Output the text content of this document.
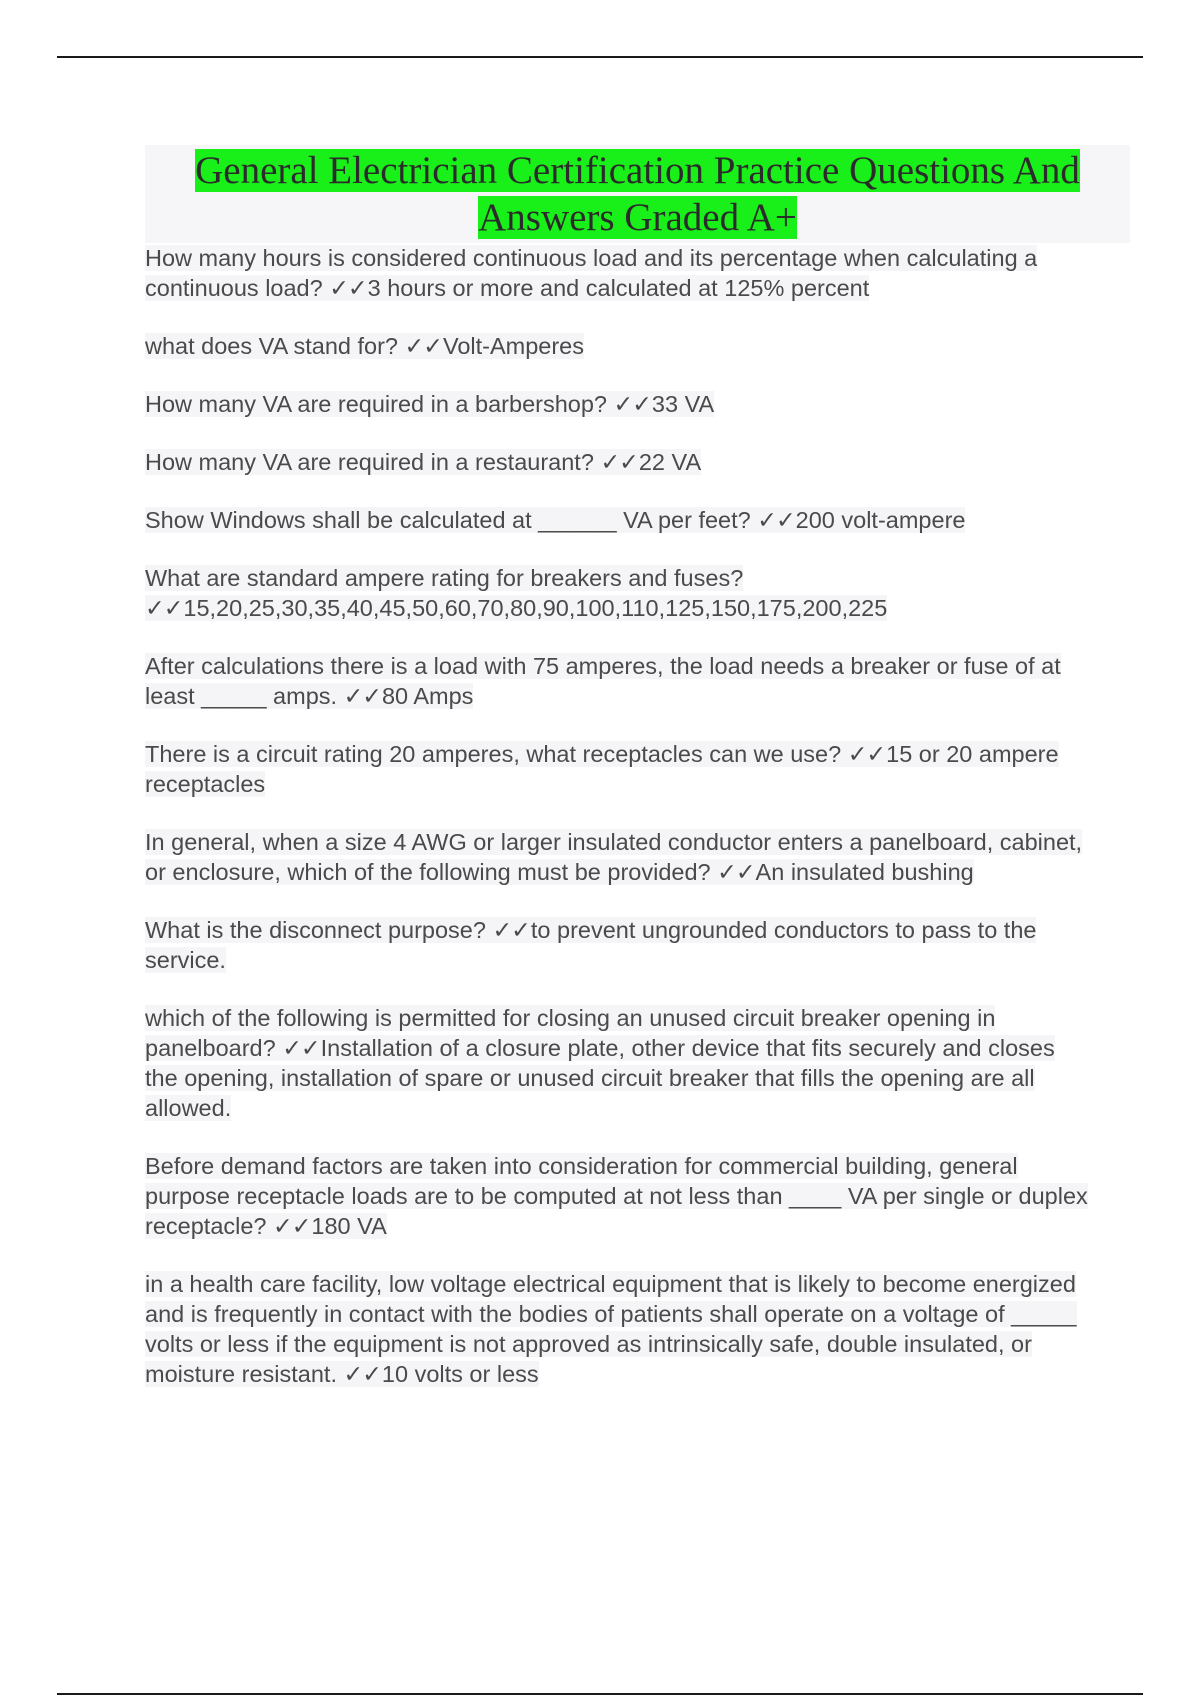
General Electrician Certification Practice Questions And Answers Graded A+
How many hours is considered continuous load and its percentage when calculating a continuous load? ✓✓3 hours or more and calculated at 125% percent
what does VA stand for? ✓✓Volt-Amperes
How many VA are required in a barbershop? ✓✓33 VA
How many VA are required in a restaurant? ✓✓22 VA
Show Windows shall be calculated at ______ VA per feet? ✓✓200 volt-ampere
What are standard ampere rating for breakers and fuses? ✓✓15,20,25,30,35,40,45,50,60,70,80,90,100,110,125,150,175,200,225
After calculations there is a load with 75 amperes, the load needs a breaker or fuse of at least _____ amps. ✓✓80 Amps
There is a circuit rating 20 amperes, what receptacles can we use? ✓✓15 or 20 ampere receptacles
In general, when a size 4 AWG or larger insulated conductor enters a panelboard, cabinet, or enclosure, which of the following must be provided? ✓✓An insulated bushing
What is the disconnect purpose? ✓✓to prevent ungrounded conductors to pass to the service.
which of the following is permitted for closing an unused circuit breaker opening in panelboard? ✓✓Installation of a closure plate, other device that fits securely and closes the opening, installation of spare or unused circuit breaker that fills the opening are all allowed.
Before demand factors are taken into consideration for commercial building, general purpose receptacle loads are to be computed at not less than ____ VA per single or duplex receptacle? ✓✓180 VA
in a health care facility, low voltage electrical equipment that is likely to become energized and is frequently in contact with the bodies of patients shall operate on a voltage of _____ volts or less if the equipment is not approved as intrinsically safe, double insulated, or moisture resistant. ✓✓10 volts or less
